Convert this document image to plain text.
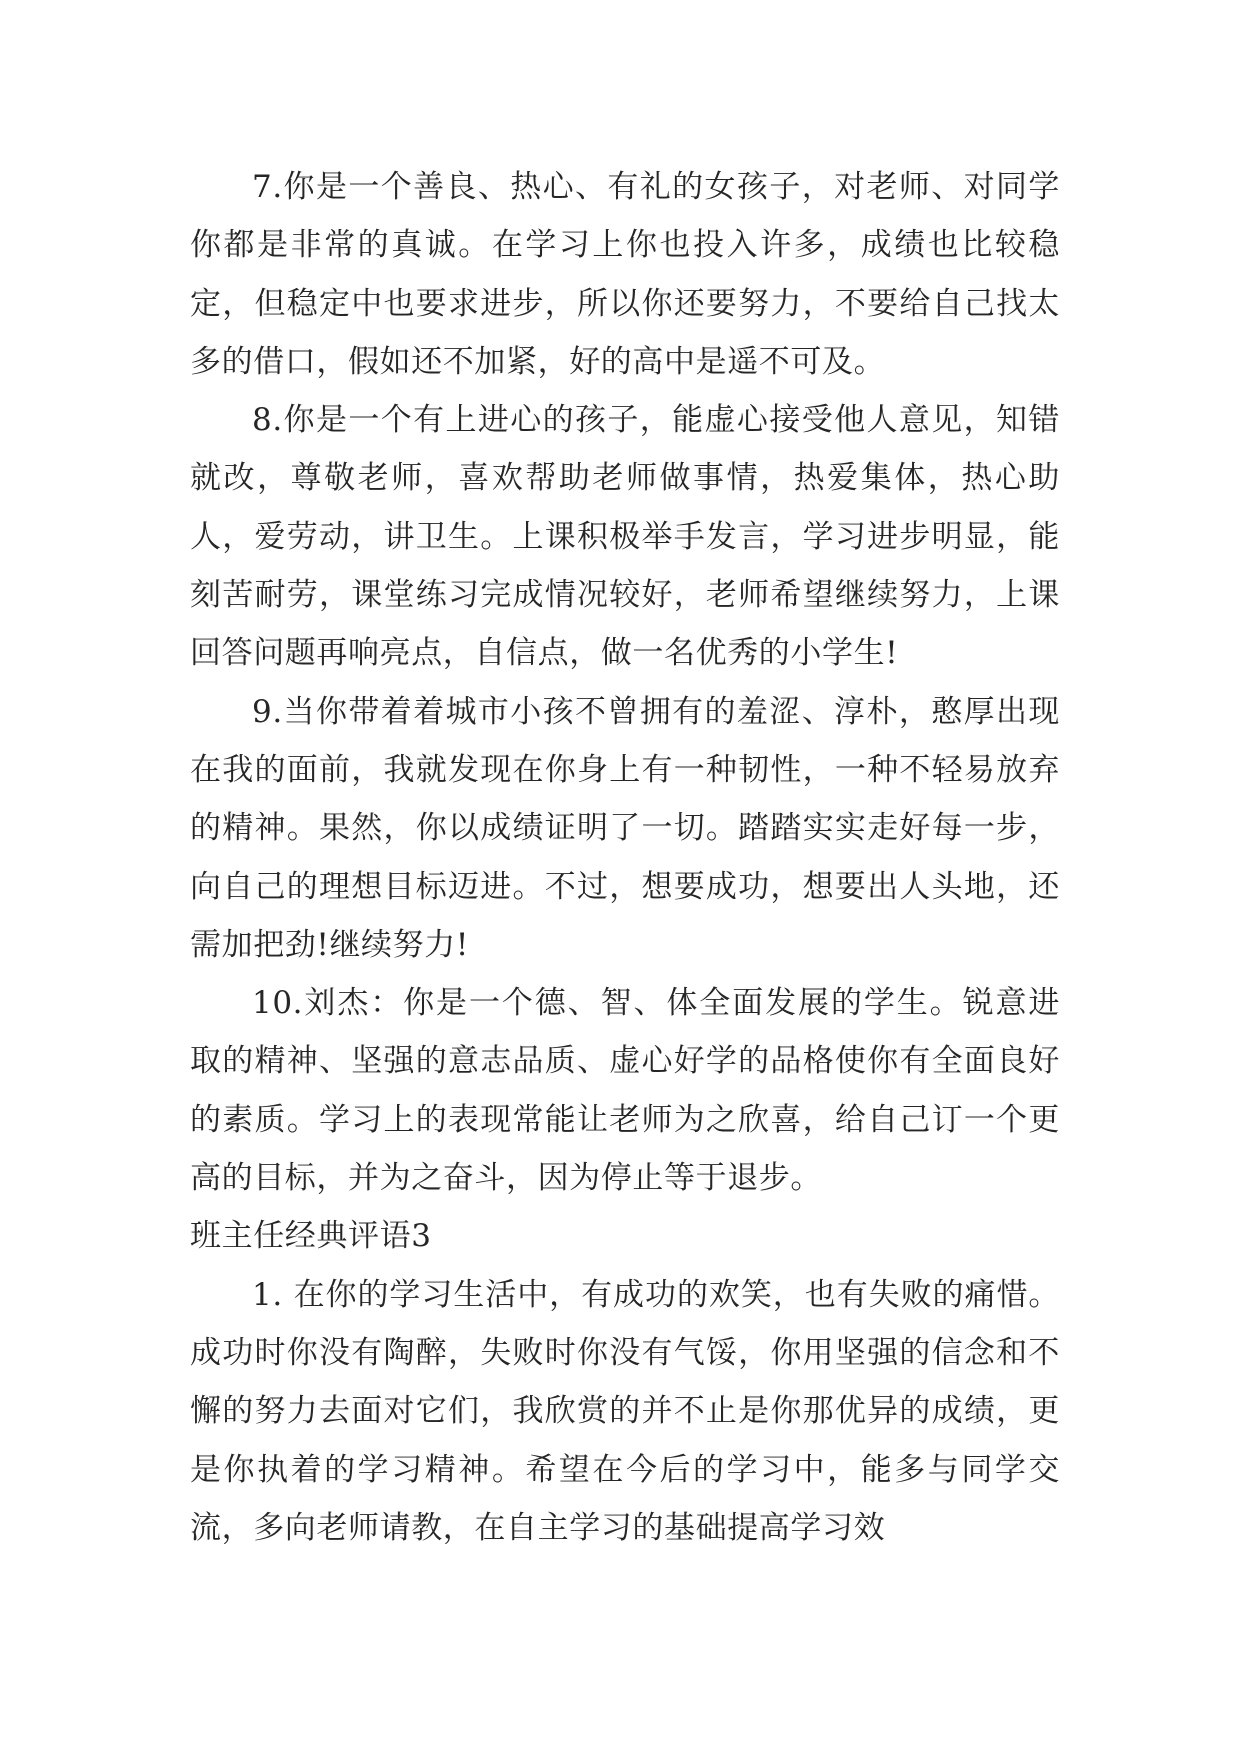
7.你是一个善良、热心、有礼的女孩子，对老师、对同学你都是非常的真诚。在学习上你也投入许多，成绩也比较稳定，但稳定中也要求进步，所以你还要努力，不要给自己找太多的借口，假如还不加紧，好的高中是遥不可及。

8.你是一个有上进心的孩子，能虚心接受他人意见，知错就改，尊敬老师，喜欢帮助老师做事情，热爱集体，热心助人，爱劳动，讲卫生。上课积极举手发言，学习进步明显，能刻苦耐劳，课堂练习完成情况较好，老师希望继续努力，上课回答问题再响亮点，自信点，做一名优秀的小学生!

9.当你带着着城市小孩不曾拥有的羞涩、淳朴，憨厚出现在我的面前，我就发现在你身上有一种韧性，一种不轻易放弃的精神。果然，你以成绩证明了一切。踏踏实实走好每一步，向自己的理想目标迈进。不过，想要成功，想要出人头地，还需加把劲!继续努力!

10.刘杰：你是一个德、智、体全面发展的学生。锐意进取的精神、坚强的意志品质、虚心好学的品格使你有全面良好的素质。学习上的表现常能让老师为之欣喜，给自己订一个更高的目标，并为之奋斗，因为停止等于退步。

班主任经典评语3

1. 在你的学习生活中，有成功的欢笑，也有失败的痛惜。成功时你没有陶醉，失败时你没有气馁，你用坚强的信念和不懈的努力去面对它们，我欣赏的并不止是你那优异的成绩，更是你执着的学习精神。希望在今后的学习中，能多与同学交流，多向老师请教，在自主学习的基础提高学习效
